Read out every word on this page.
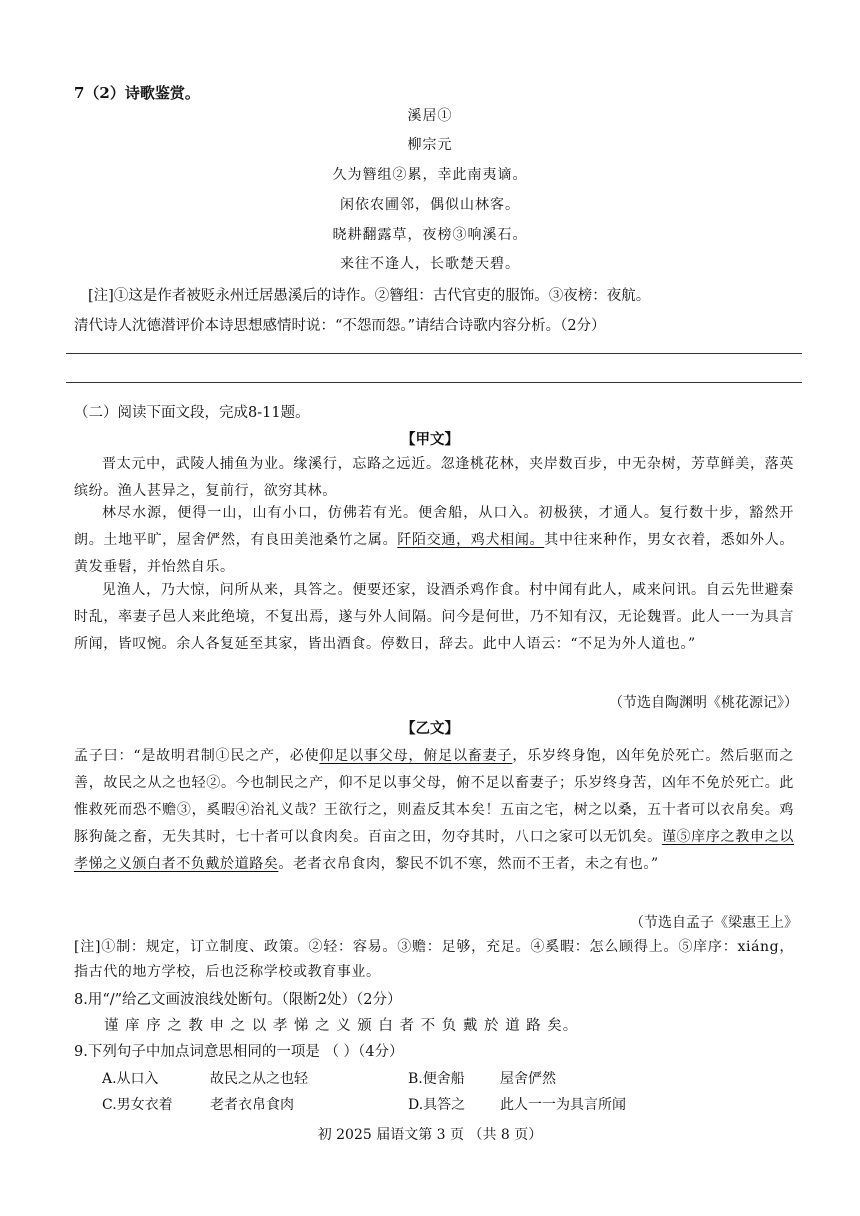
7（2）诗歌鉴赏。
溪居①
柳宗元
久为簪组②累，幸此南夷谪。
闲依农圃邻，偶似山林客。
晓耕翻露草，夜榜③响溪石。
来往不逢人，长歌楚天碧。
[注]①这是作者被贬永州迁居愚溪后的诗作。②簪组：古代官吏的服饰。③夜榜：夜航。
清代诗人沈德潜评价本诗思想感情时说：“不怨而怨。”请结合诗歌内容分析。（2分）
（二）阅读下面文段，完成8-11题。
【甲文】
晋太元中，武陵人捕鱼为业。缘溪行，忘路之远近。忽逢桃花林，夹岸数百步，中无杂树，芳草鲜美，落英缤纷。渔人甚异之，复前行，欲穷其林。
林尽水源，便得一山，山有小口，仿佛若有光。便舍船，从口入。初极狭，才通人。复行数十步，豁然开朗。土地平旷，屋舍俨然，有良田美池桑竹之属。阡陌交通，鸡犬相闻。其中往来种作，男女衣着，悉如外人。黄发垂髫，并怡然自乐。
见渔人，乃大惊，问所从来，具答之。便要还家，设酒杀鸡作食。村中闻有此人，咸来问讯。自云先世避秦时乱，率妻子邑人来此绝境，不复出焉，遂与外人间隔。问今是何世，乃不知有汉，无论魏晋。此人一一为具言所闻，皆叹惋。余人各复延至其家，皆出酒食。停数日，辞去。此中人语云：“不足为外人道也。”
（节选自陶渊明《桃花源记》）
【乙文】
孟子曰：“是故明君制①民之产，必使仰足以事父母，俯足以畜妻子，乐岁终身饱，凶年免於死亡。然后驱而之善，故民之从之也轻②。今也制民之产，仰不足以事父母，俯不足以畜妻子；乐岁终身苦，凶年不免於死亡。此惟救死而恐不赡③，奚暇④治礼义哉？王欲行之，则盍反其本矣！五亩之宅，树之以桑，五十者可以衣帛矣。鸡豚狗彘之畜，无失其时，七十者可以食肉矣。百亩之田，勿夺其时，八口之家可以无饥矣。谨⑤庠序之教申之以孝悌之义颁白者不负戴於道路矣。老者衣帛食肉，黎民不饥不寒，然而不王者，未之有也。”
（节选自孟子《梁惠王上》
[注]①制：规定，订立制度、政策。②轻：容易。③赡：足够，充足。④奚暇：怎么顾得上。⑤庠序：xiáng，指古代的地方学校，后也泛称学校或教育事业。
8.用“/”给乙文画波浪线处断句。（限断2处）（2分）
谨 庠 序 之 教 申 之 以 孝 悌 之 义 颁 白 者 不 负 戴 於 道 路 矣。
9.下列句子中加点词意思相同的一项是 （ ）（4分）
A.从口入	故民之从之也轻	B.便舍船	屋舍俨然
C.男女衣着	老者衣帛食肉	D.具答之 此人一一为具言所闻
初 2025 届语文第 3 页 （共 8 页）
